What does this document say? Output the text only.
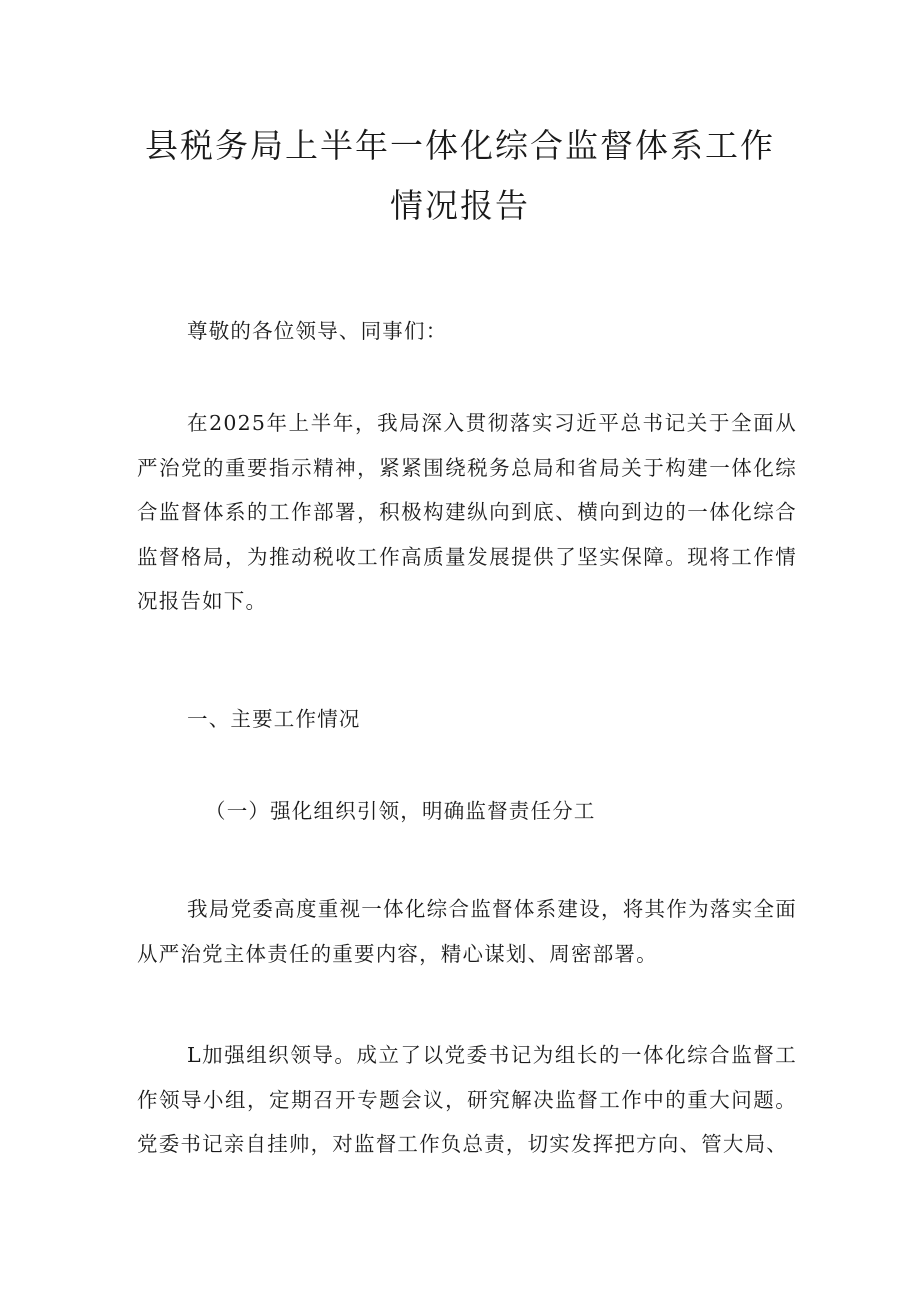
县税务局上半年一体化综合监督体系工作
情况报告

尊敬的各位领导、同事们：

在2025年上半年，我局深入贯彻落实习近平总书记关于全面从严治党的重要指示精神，紧紧围绕税务总局和省局关于构建一体化综合监督体系的工作部署，积极构建纵向到底、横向到边的一体化综合监督格局，为推动税收工作高质量发展提供了坚实保障。现将工作情况报告如下。

一、主要工作情况

（一）强化组织引领，明确监督责任分工

我局党委高度重视一体化综合监督体系建设，将其作为落实全面从严治党主体责任的重要内容，精心谋划、周密部署。

L加强组织领导。成立了以党委书记为组长的一体化综合监督工作领导小组，定期召开专题会议，研究解决监督工作中的重大问题。党委书记亲自挂帅，对监督工作负总责，切实发挥把方向、管大局、
